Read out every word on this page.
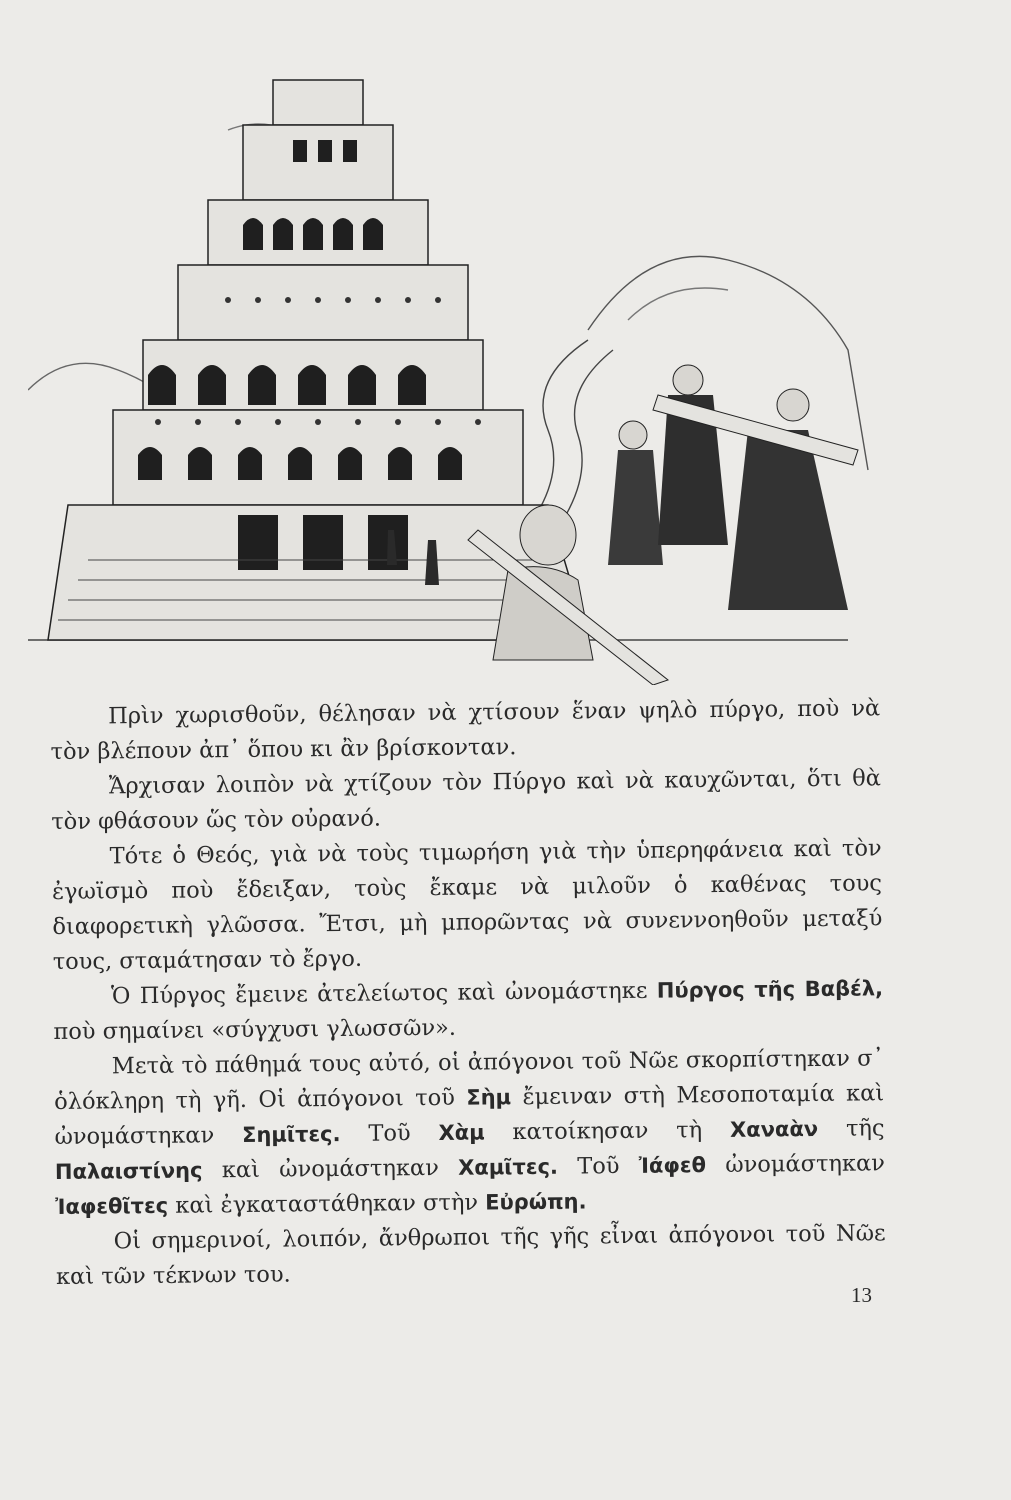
Πρὶν χωρισθοῦν, θέλησαν νὰ χτίσουν ἕναν ψηλὸ πύργο, ποὺ νὰ τὸν βλέπουν ἀπ᾽ ὅπου κι ἂν βρίσκονταν.

Ἄρχισαν λοιπὸν νὰ χτίζουν τὸν Πύργο καὶ νὰ καυχῶνται, ὅτι θὰ τὸν φθάσουν ὥς τὸν οὐρανό.

Τότε ὁ Θεός, γιὰ νὰ τοὺς τιμωρήση γιὰ τὴν ὑπερηφάνεια καὶ τὸν ἐγωϊσμὸ ποὺ ἔδειξαν, τοὺς ἔκαμε νὰ μιλοῦν ὁ καθένας τους διαφορετικὴ γλῶσσα. Ἔτσι, μὴ μπορῶντας νὰ συνεννοηθοῦν μεταξύ τους, σταμάτησαν τὸ ἔργο.

Ὁ Πύργος ἔμεινε ἀτελείωτος καὶ ὠνομάστηκε Πύργος τῆς Βαβέλ, ποὺ σημαίνει «σύγχυσι γλωσσῶν».

Μετὰ τὸ πάθημά τους αὐτό, οἱ ἀπόγονοι τοῦ Νῶε σκορπίστηκαν σ᾽ ὁλόκληρη τὴ γῆ. Οἱ ἀπόγονοι τοῦ Σὴμ ἔμειναν στὴ Μεσοποταμία καὶ ὠνομάστηκαν Σημῖτες. Τοῦ Χὰμ κατοίκησαν τὴ Χαναὰν τῆς Παλαιστίνης καὶ ὠνομάστηκαν Χαμῖτες. Τοῦ Ἰάφεθ ὠνομάστηκαν Ἰαφεθῖτες καὶ ἐγκαταστάθηκαν στὴν Εὐρώπη.

Οἱ σημερινοί, λοιπόν, ἄνθρωποι τῆς γῆς εἶναι ἀπόγονοι τοῦ Νῶε καὶ τῶν τέκνων του.

13
